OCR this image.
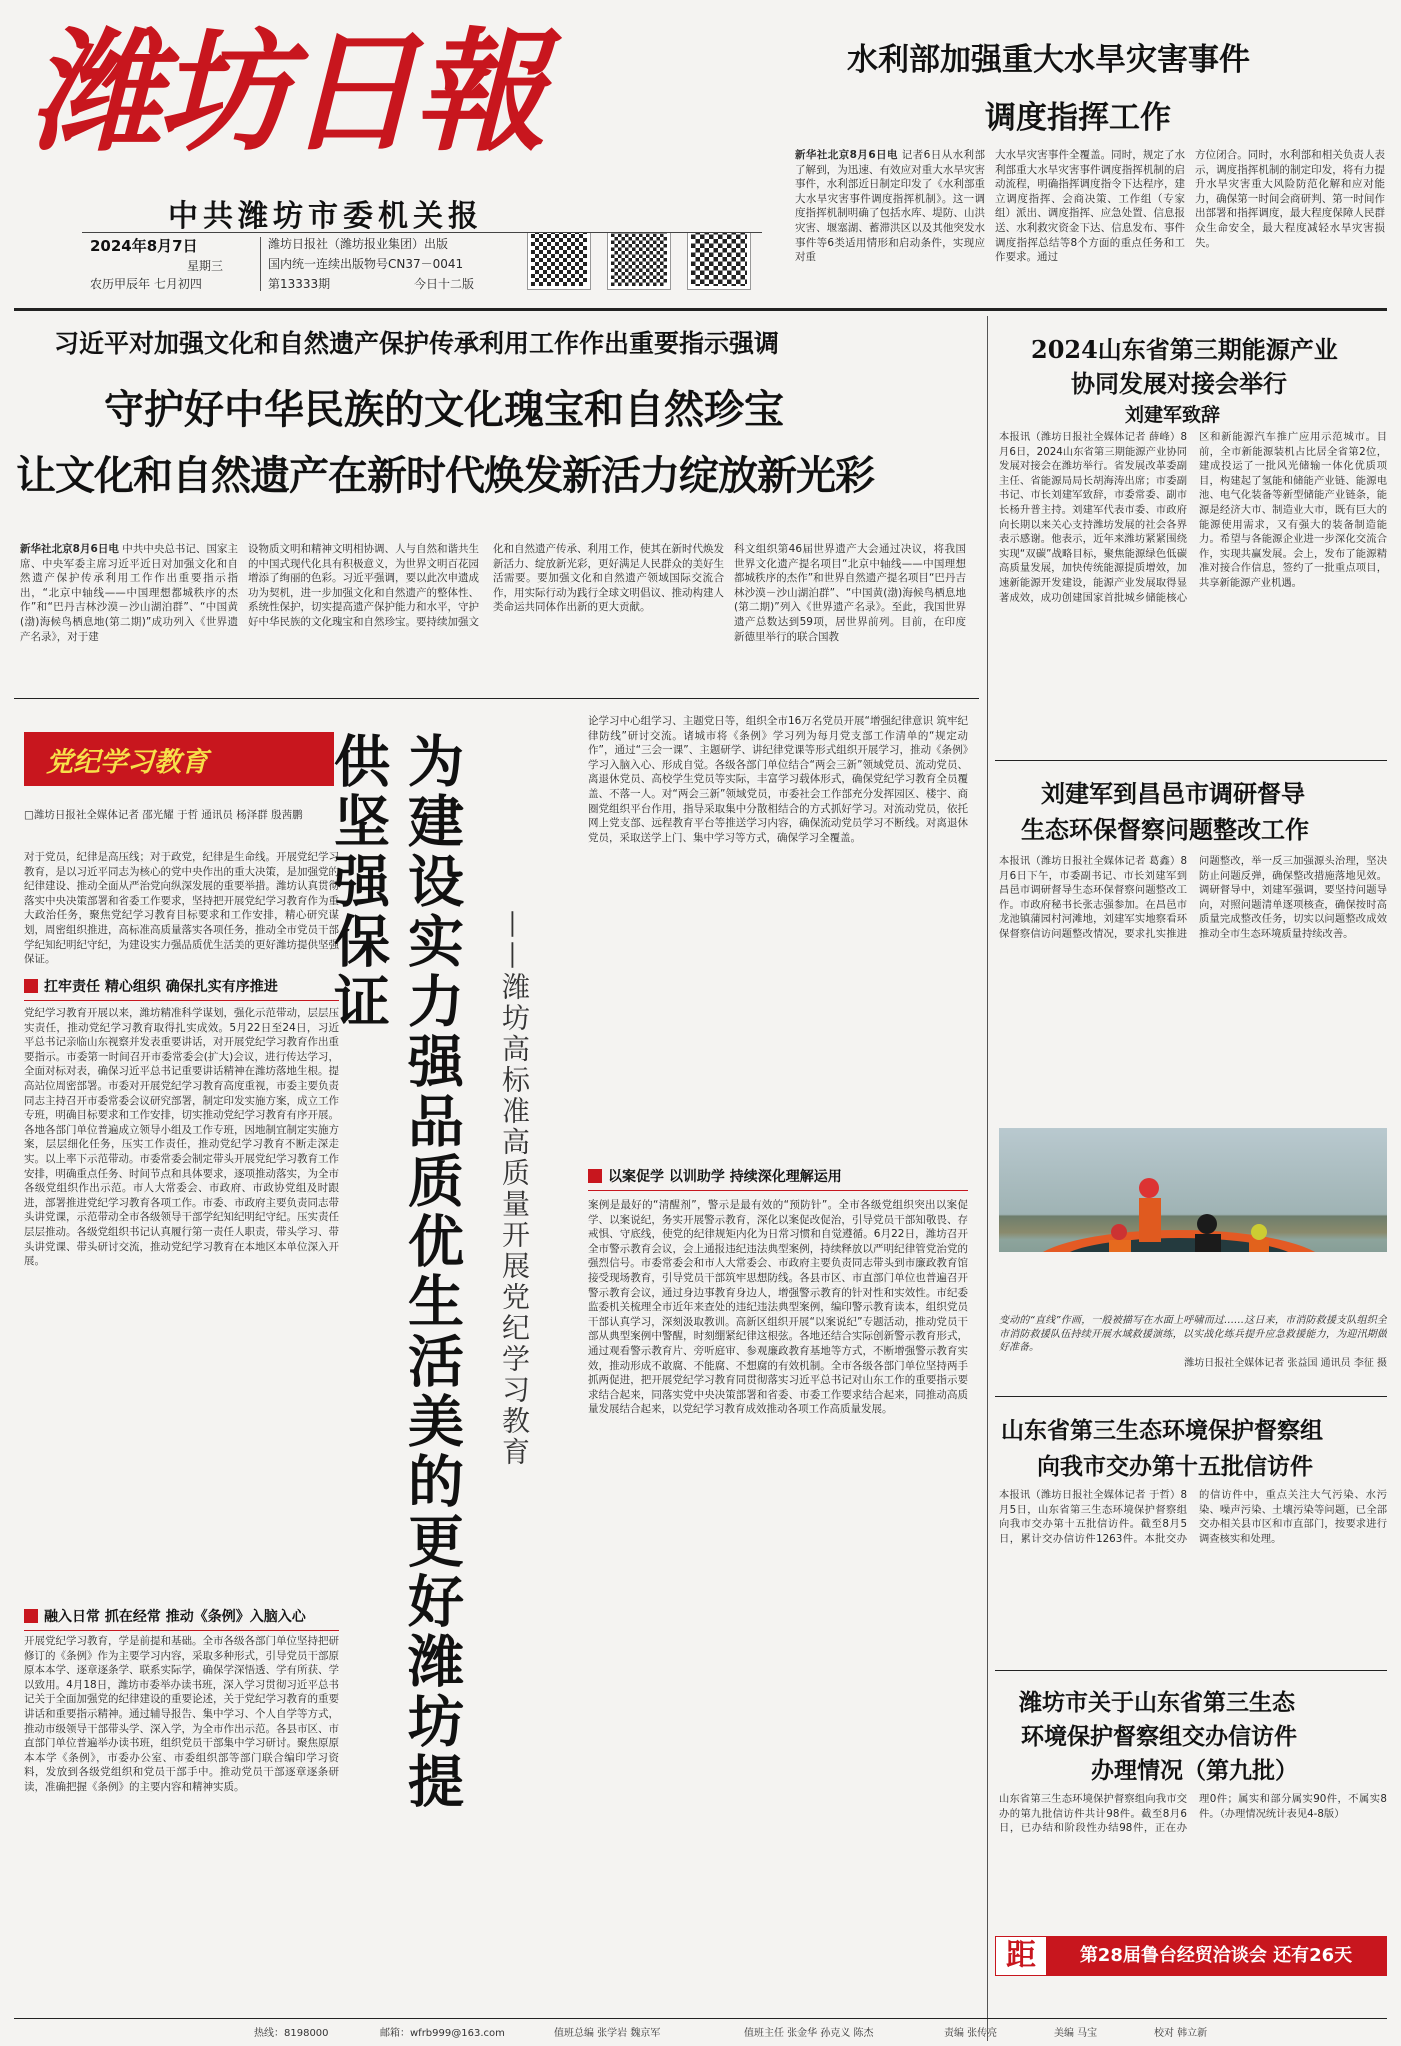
潍坊日報
中共潍坊市委机关报
2024年8月7日
星期三
农历甲辰年 七月初四
潍坊日报社（潍坊报业集团）出版
国内统一连续出版物号CN37－0041
第13333期	今日十二版
水利部加强重大水旱灾害事件
调度指挥工作
新华社北京8月6日电 记者6日从水利部了解到，为迅速、有效应对重大水旱灾害事件，水利部近日制定印发了《水利部重大水旱灾害事件调度指挥机制》。这一调度指挥机制明确了包括水库、堤防、山洪灾害、堰塞湖、蓄滞洪区以及其他突发水事件等6类适用情形和启动条件，实现应对重
大水旱灾害事件全覆盖。同时，规定了水利部重大水旱灾害事件调度指挥机制的启动流程，明确指挥调度指令下达程序，建立调度指挥、会商决策、工作组（专家组）派出、调度指挥、应急处置、信息报送、水利救灾资金下达、信息发布、事件调度指挥总结等8个方面的重点任务和工作要求。通过
方位闭合。同时，水利部和相关负责人表示，调度指挥机制的制定印发，将有力提升水旱灾害重大风险防范化解和应对能力，确保第一时间会商研判、第一时间作出部署和指挥调度，最大程度保障人民群众生命安全，最大程度减轻水旱灾害损失。
习近平对加强文化和自然遗产保护传承利用工作作出重要指示强调
守护好中华民族的文化瑰宝和自然珍宝
让文化和自然遗产在新时代焕发新活力绽放新光彩
新华社北京8月6日电 中共中央总书记、国家主席、中央军委主席习近平近日对加强文化和自然遗产保护传承利用工作作出重要指示指出，“北京中轴线——中国理想都城秩序的杰作”和“巴丹吉林沙漠－沙山湖泊群”、“中国黄(渤)海候鸟栖息地(第二期)”成功列入《世界遗产名录》，对于建
设物质文明和精神文明相协调、人与自然和谐共生的中国式现代化具有积极意义，为世界文明百花园增添了绚丽的色彩。习近平强调，要以此次申遗成功为契机，进一步加强文化和自然遗产的整体性、系统性保护，切实提高遗产保护能力和水平，守护好中华民族的文化瑰宝和自然珍宝。要持续加强文化和自然遗产传承、利用工作，使其在新时代焕发新活力、绽放新光彩，更好满足人民群众的美好生活需要。要加强文化和自然遗产领域国际交流合作，用实际行动为践行全球文明倡议、推动构建人类命运共同体作出新的更大贡献。
科文组织第46届世界遗产大会通过决议，将我国世界文化遗产提名项目“北京中轴线——中国理想都城秩序的杰作”和世界自然遗产提名项目“巴丹吉林沙漠－沙山湖泊群”、“中国黄(渤)海候鸟栖息地(第二期)”列入《世界遗产名录》。至此，我国世界遗产总数达到59项，居世界前列。目前，在印度新德里举行的联合国教
2024山东省第三期能源产业
协同发展对接会举行
刘建军致辞
本报讯（潍坊日报社全媒体记者 薛峰）8月6日，2024山东省第三期能源产业协同发展对接会在潍坊举行。省发展改革委副主任、省能源局局长胡海涛出席；市委副书记、市长刘建军致辞，市委常委、副市长杨升普主持。刘建军代表市委、市政府向长期以来关心支持潍坊发展的社会各界表示感谢。他表示，近年来潍坊紧紧围绕实现“双碳”战略目标，聚焦能源绿色低碳高质量发展，加快传统能源提质增效，加速新能源开发建设，能源产业发展取得显著成效，成功创建国家首批城乡储能核心区和新能源汽车推广应用示范城市。目前，全市新能源装机占比居全省第2位，建成投运了一批风光储输一体化优质项目，构建起了氢能和储能产业链、能源电池、电气化装备等新型储能产业链条，能源是经济大市、制造业大市，既有巨大的能源使用需求，又有强大的装备制造能力。希望与各能源企业进一步深化交流合作，实现共赢发展。会上，发布了能源精准对接合作信息，签约了一批重点项目，共享新能源产业机遇。
刘建军到昌邑市调研督导
生态环保督察问题整改工作
本报讯（潍坊日报社全媒体记者 葛鑫）8月6日下午，市委副书记、市长刘建军到昌邑市调研督导生态环保督察问题整改工作。市政府秘书长张志强参加。在昌邑市龙池镇蒲园村河滩地，刘建军实地察看环保督察信访问题整改情况，要求扎实推进问题整改，举一反三加强源头治理，坚决防止问题反弹，确保整改措施落地见效。调研督导中，刘建军强调，要坚持问题导向，对照问题清单逐项核查，确保按时高质量完成整改任务，切实以问题整改成效推动全市生态环境质量持续改善。
变动的“直线”作画，一般被描写在水面上呼啸而过……这日来，市消防救援支队组织全市消防救援队伍持续开展水域救援演练，以实战化练兵提升应急救援能力，为迎汛期做好准备。
潍坊日报社全媒体记者 张益国 通讯员 李征 摄
山东省第三生态环境保护督察组
向我市交办第十五批信访件
本报讯（潍坊日报社全媒体记者 于哲）8月5日，山东省第三生态环境保护督察组向我市交办第十五批信访件。截至8月5日，累计交办信访件1263件。本批交办的信访件中，重点关注大气污染、水污染、噪声污染、土壤污染等问题，已全部交办相关县市区和市直部门，按要求进行调查核实和处理。
潍坊市关于山东省第三生态
环境保护督察组交办信访件
办理情况（第九批）
山东省第三生态环境保护督察组向我市交办的第九批信访件共计98件。截至8月6日，已办结和阶段性办结98件，正在办理0件；属实和部分属实90件，不属实8件。（办理情况统计表见4-8版）
距	第28届鲁台经贸洽谈会 还有26天
党纪学习教育
□潍坊日报社全媒体记者 邵光耀 于哲 通讯员 杨泽群 殷茜鹏
对于党员，纪律是高压线；对于政党，纪律是生命线。开展党纪学习教育，是以习近平同志为核心的党中央作出的重大决策，是加强党的纪律建设、推动全面从严治党向纵深发展的重要举措。潍坊认真贯彻落实中央决策部署和省委工作要求，坚持把开展党纪学习教育作为重大政治任务，聚焦党纪学习教育目标要求和工作安排，精心研究谋划，周密组织推进，高标准高质量落实各项任务，推动全市党员干部学纪知纪明纪守纪，为建设实力强品质优生活美的更好潍坊提供坚强保证。
扛牢责任 精心组织 确保扎实有序推进
党纪学习教育开展以来，潍坊精准科学谋划，强化示范带动，层层压实责任，推动党纪学习教育取得扎实成效。5月22日至24日，习近平总书记亲临山东视察并发表重要讲话，对开展党纪学习教育作出重要指示。市委第一时间召开市委常委会(扩大)会议，进行传达学习，全面对标对表，确保习近平总书记重要讲话精神在潍坊落地生根。提高站位周密部署。市委对开展党纪学习教育高度重视，市委主要负责同志主持召开市委常委会议研究部署，制定印发实施方案，成立工作专班，明确目标要求和工作安排，切实推动党纪学习教育有序开展。各地各部门单位普遍成立领导小组及工作专班，因地制宜制定实施方案，层层细化任务，压实工作责任，推动党纪学习教育不断走深走实。以上率下示范带动。市委常委会制定带头开展党纪学习教育工作安排，明确重点任务、时间节点和具体要求，逐项推动落实，为全市各级党组织作出示范。市人大常委会、市政府、市政协党组及时跟进，部署推进党纪学习教育各项工作。市委、市政府主要负责同志带头讲党课，示范带动全市各级领导干部学纪知纪明纪守纪。压实责任层层推动。各级党组织书记认真履行第一责任人职责，带头学习、带头讲党课、带头研讨交流，推动党纪学习教育在本地区本单位深入开展。
融入日常 抓在经常 推动《条例》入脑入心
开展党纪学习教育，学是前提和基础。全市各级各部门单位坚持把研修订的《条例》作为主要学习内容，采取多种形式，引导党员干部原原本本学、逐章逐条学、联系实际学，确保学深悟透、学有所获、学以致用。4月18日，潍坊市委举办读书班，深入学习贯彻习近平总书记关于全面加强党的纪律建设的重要论述，关于党纪学习教育的重要讲话和重要指示精神。通过辅导报告、集中学习、个人自学等方式，推动市级领导干部带头学、深入学，为全市作出示范。各县市区、市直部门单位普遍举办读书班，组织党员干部集中学习研讨。聚焦原原本本学《条例》，市委办公室、市委组织部等部门联合编印学习资料，发放到各级党组织和党员干部手中。推动党员干部逐章逐条研读，准确把握《条例》的主要内容和精神实质。	为建设实力强品质优生活美的更好潍坊提供坚强保证
——潍坊高标准高质量开展党纪学习教育
论学习中心组学习、主题党日等，组织全市16万名党员开展“增强纪律意识 筑牢纪律防线”研讨交流。诸城市将《条例》学习列为每月党支部工作清单的“规定动作”，通过“三会一课”、主题研学、讲纪律党课等形式组织开展学习，推动《条例》学习入脑入心、形成自觉。各级各部门单位结合“两会三新”领域党员、流动党员、离退休党员、高校学生党员等实际，丰富学习载体形式，确保党纪学习教育全员覆盖、不落一人。对“两会三新”领域党员，市委社会工作部充分发挥园区、楼宇、商圈党组织平台作用，指导采取集中分散相结合的方式抓好学习。对流动党员，依托网上党支部、远程教育平台等推送学习内容，确保流动党员学习不断线。对离退休党员，采取送学上门、集中学习等方式，确保学习全覆盖。
以案促学 以训助学 持续深化理解运用
案例是最好的“清醒剂”，警示是最有效的“预防针”。全市各级党组织突出以案促学、以案说纪，务实开展警示教育，深化以案促改促治，引导党员干部知敬畏、存戒惧、守底线，使党的纪律规矩内化为日常习惯和自觉遵循。6月22日，潍坊召开全市警示教育会议，会上通报违纪违法典型案例，持续释放以严明纪律管党治党的强烈信号。市委常委会和市人大常委会、市政府主要负责同志带头到市廉政教育馆接受现场教育，引导党员干部筑牢思想防线。各县市区、市直部门单位也普遍召开警示教育会议，通过身边事教育身边人，增强警示教育的针对性和实效性。市纪委监委机关梳理全市近年来查处的违纪违法典型案例，编印警示教育读本，组织党员干部认真学习，深刻汲取教训。高新区组织开展“以案说纪”专题活动，推动党员干部从典型案例中警醒，时刻绷紧纪律这根弦。各地还结合实际创新警示教育形式，通过观看警示教育片、旁听庭审、参观廉政教育基地等方式，不断增强警示教育实效，推动形成不敢腐、不能腐、不想腐的有效机制。全市各级各部门单位坚持两手抓两促进，把开展党纪学习教育同贯彻落实习近平总书记对山东工作的重要指示要求结合起来，同落实党中央决策部署和省委、市委工作要求结合起来，同推动高质量发展结合起来，以党纪学习教育成效推动各项工作高质量发展。
热线：8198000	邮箱：wfrb999@163.com	值班总编 张学岩 魏京军	值班主任 张金华 孙克义 陈杰	责编 张传亮	美编 马宝	校对 韩立新
